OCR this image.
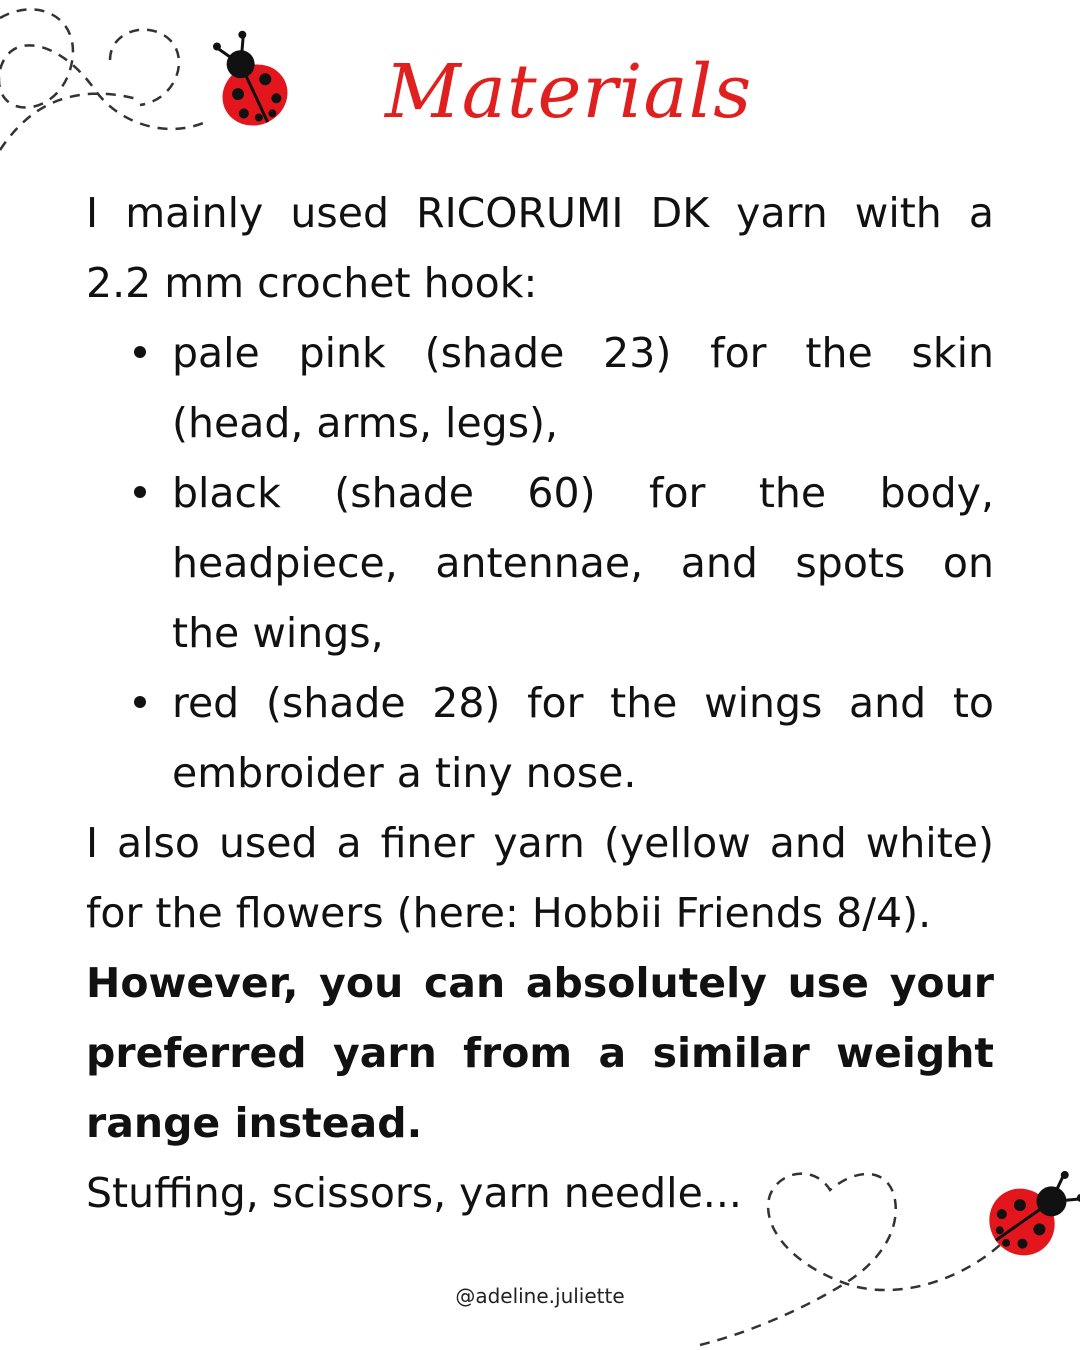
Materials
I mainly used RICORUMI DK yarn with a
2.2 mm crochet hook:
pale pink (shade 23) for the skin
(head, arms, legs),
black (shade 60) for the body,
headpiece, antennae, and spots on
the wings,
red (shade 28) for the wings and to
embroider a tiny nose.
I also used a finer yarn (yellow and white)
for the flowers (here: Hobbii Friends 8/4).
However, you can absolutely use your
preferred yarn from a similar weight
range instead.
Stuffing, scissors, yarn needle...
@adeline.juliette
